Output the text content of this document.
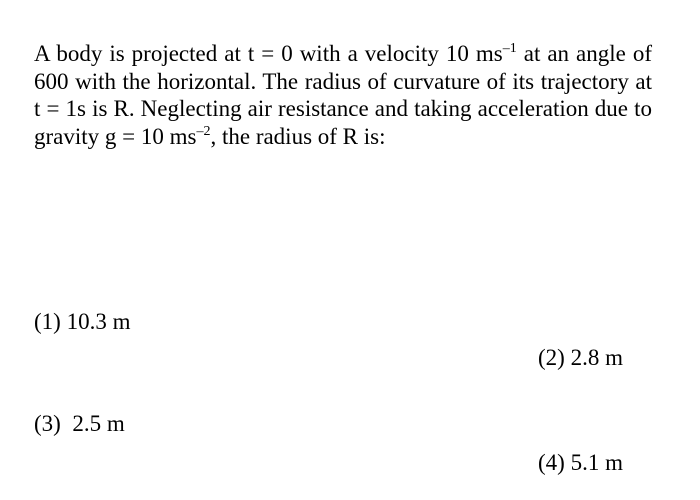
A body is projected at t = 0 with a velocity 10 $ms^{-1}$ at an angle of 600 with the horizontal. The radius of curvature of its trajectory at t = 1s is R. Neglecting air resistance and taking acceleration due to gravity g = 10 $ms^{-2}$, the radius of R is:
(1) 10.3 m
(2) 2.8 m
(3)  2.5 m
(4) 5.1 m
